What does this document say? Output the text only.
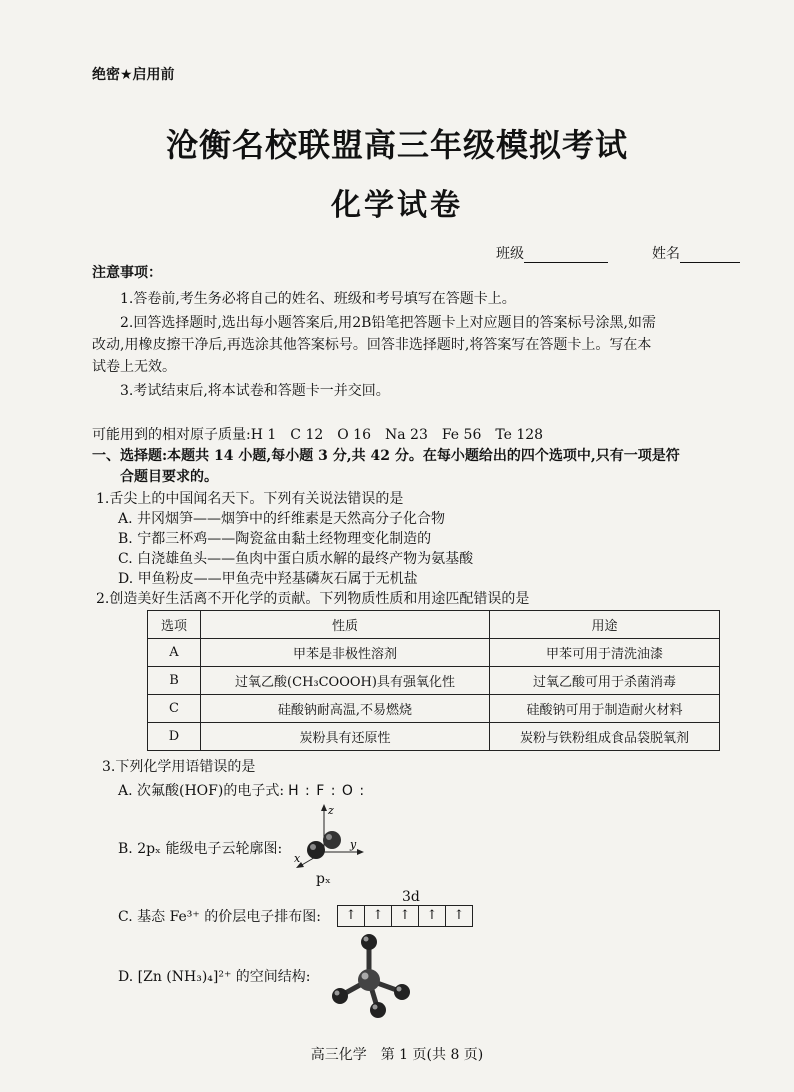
绝密★启用前
沧衡名校联盟高三年级模拟考试
化学试卷
班级	姓名
注意事项：
1.答卷前,考生务必将自己的姓名、班级和考号填写在答题卡上。
2.回答选择题时,选出每小题答案后,用2B铅笔把答题卡上对应题目的答案标号涂黑,如需
改动,用橡皮擦干净后,再选涂其他答案标号。回答非选择题时,将答案写在答题卡上。写在本
试卷上无效。
3.考试结束后,将本试卷和答题卡一并交回。
可能用到的相对原子质量:H 1　C 12　O 16　Na 23　Fe 56　Te 128
一、选择题:本题共 14 小题,每小题 3 分,共 42 分。在每小题给出的四个选项中,只有一项是符
合题目要求的。
1.舌尖上的中国闻名天下。下列有关说法错误的是
A. 井冈烟笋——烟笋中的纤维素是天然高分子化合物
B. 宁都三杯鸡——陶瓷盆由黏土经物理变化制造的
C. 白浇雄鱼头——鱼肉中蛋白质水解的最终产物为氨基酸
D. 甲鱼粉皮——甲鱼壳中羟基磷灰石属于无机盐
2.创造美好生活离不开化学的贡献。下列物质性质和用途匹配错误的是
选项	性质	用途
A	甲苯是非极性溶剂	甲苯可用于清洗油漆
B	过氧乙酸(CH₃COOOH)具有强氧化性	过氧乙酸可用于杀菌消毒
C	硅酸钠耐高温,不易燃烧	硅酸钠可用于制造耐火材料
D	炭粉具有还原性	炭粉与铁粉组成食品袋脱氧剂
3.下列化学用语错误的是
A. 次氟酸(HOF)的电子式: H : F : O :
B. 2pₓ 能级电子云轮廓图:
z
y
x
pₓ
3d
C. 基态 Fe³⁺ 的价层电子排布图:	↑	↑	↑	↑	↑
D. [Zn (NH₃)₄]²⁺ 的空间结构:
高三化学　第 1 页(共 8 页)
